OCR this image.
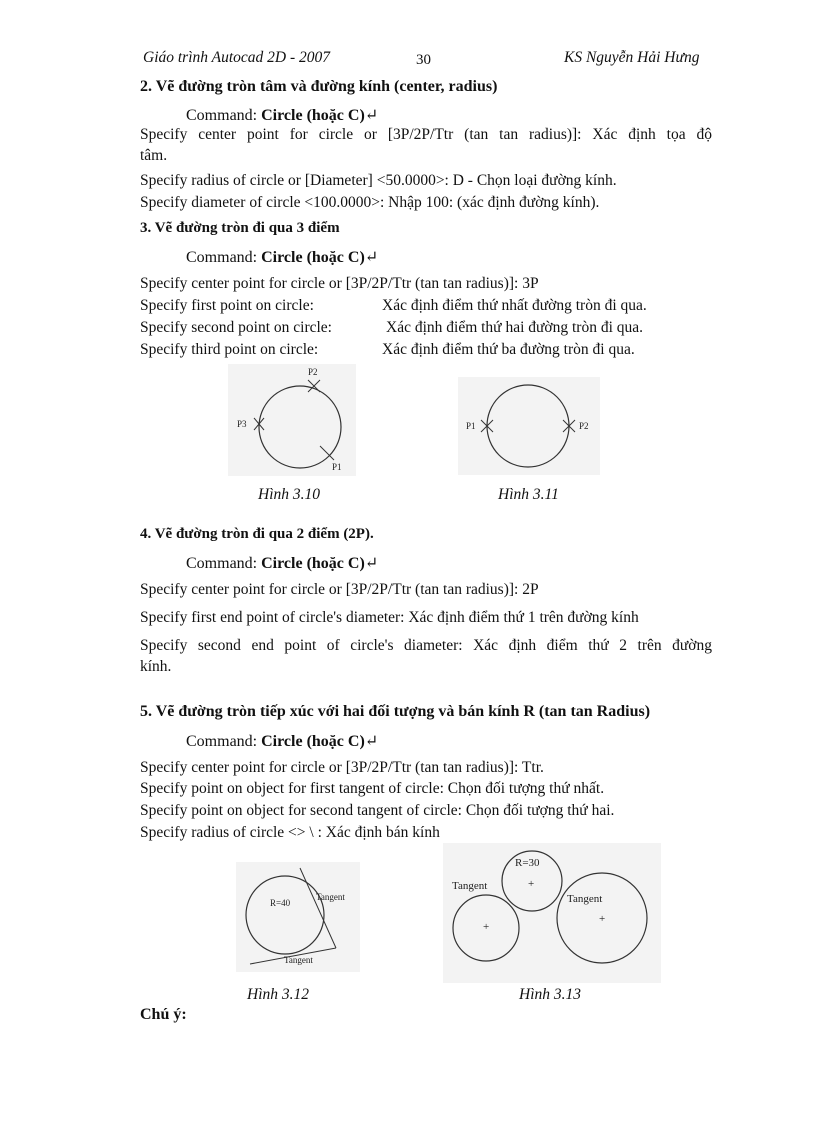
Giáo trình Autocad 2D - 2007	30	KS Nguyễn Hải Hưng
2. Vẽ đường tròn tâm và đường kính (center, radius)
Command: Circle (hoặc C)↵
Specify center point for circle or [3P/2P/Ttr (tan tan radius)]: Xác định tọa độ
tâm.
Specify radius of circle or [Diameter] <50.0000>: D - Chọn loại đường kính.
Specify diameter of circle <100.0000>: Nhập 100: (xác định đường kính).
3. Vẽ đường tròn đi qua 3 điểm
Command: Circle (hoặc C)↵
Specify center point for circle or [3P/2P/Ttr (tan tan radius)]: 3P
Specify first point on circle:	Xác định điểm thứ nhất đường tròn đi qua.
Specify second point on circle:	Xác định điểm thứ hai đường tròn đi qua.
Specify third point on circle:	Xác định điểm thứ ba đường tròn đi qua.
P2
P3
P1
Hình 3.10
P1	P2
Hình 3.11
4. Vẽ đường tròn đi qua 2 điểm (2P).
Command: Circle (hoặc C)↵
Specify center point for circle or [3P/2P/Ttr (tan tan radius)]: 2P
Specify first end point of circle's diameter: Xác định điểm thứ 1 trên đường kính
Specify second end point of circle's diameter: Xác định điểm thứ 2 trên đường
kính.
5. Vẽ đường tròn tiếp xúc với hai đối tượng và bán kính R (tan tan Radius)
Command: Circle (hoặc C)↵
Specify center point for circle or [3P/2P/Ttr (tan tan radius)]: Ttr.
Specify point on object for first tangent of circle: Chọn đối tượng thứ nhất.
Specify point on object for second tangent of circle: Chọn đối tượng thứ hai.
Specify radius of circle <> \ : Xác định bán kính
R=40
Tangent
Tangent
Hình 3.12
R=30
+
+
+
Tangent
Tangent
Hình 3.13
Chú ý:
